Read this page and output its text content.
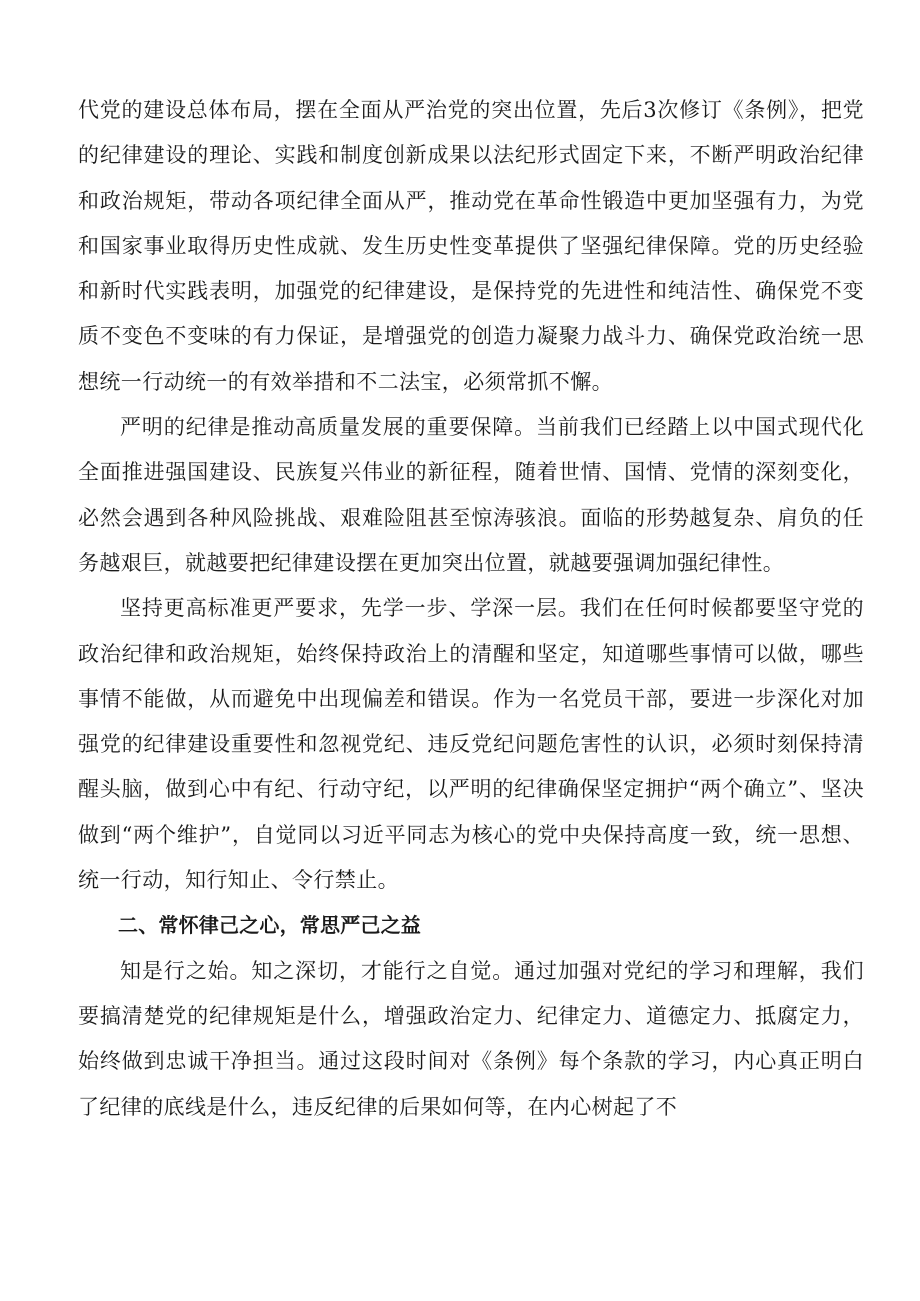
代党的建设总体布局，摆在全面从严治党的突出位置，先后3次修订《条例》，把党的纪律建设的理论、实践和制度创新成果以法纪形式固定下来，不断严明政治纪律和政治规矩，带动各项纪律全面从严，推动党在革命性锻造中更加坚强有力，为党和国家事业取得历史性成就、发生历史性变革提供了坚强纪律保障。党的历史经验和新时代实践表明，加强党的纪律建设，是保持党的先进性和纯洁性、确保党不变质不变色不变味的有力保证，是增强党的创造力凝聚力战斗力、确保党政治统一思想统一行动统一的有效举措和不二法宝，必须常抓不懈。

严明的纪律是推动高质量发展的重要保障。当前我们已经踏上以中国式现代化全面推进强国建设、民族复兴伟业的新征程，随着世情、国情、党情的深刻变化，必然会遇到各种风险挑战、艰难险阻甚至惊涛骇浪。面临的形势越复杂、肩负的任务越艰巨，就越要把纪律建设摆在更加突出位置，就越要强调加强纪律性。

坚持更高标准更严要求，先学一步、学深一层。我们在任何时候都要坚守党的政治纪律和政治规矩，始终保持政治上的清醒和坚定，知道哪些事情可以做，哪些事情不能做，从而避免中出现偏差和错误。作为一名党员干部，要进一步深化对加强党的纪律建设重要性和忽视党纪、违反党纪问题危害性的认识，必须时刻保持清醒头脑，做到心中有纪、行动守纪，以严明的纪律确保坚定拥护“两个确立”、坚决做到“两个维护”，自觉同以习近平同志为核心的党中央保持高度一致，统一思想、统一行动，知行知止、令行禁止。

二、常怀律己之心，常思严己之益

知是行之始。知之深切，才能行之自觉。通过加强对党纪的学习和理解，我们要搞清楚党的纪律规矩是什么，增强政治定力、纪律定力、道德定力、抵腐定力，始终做到忠诚干净担当。通过这段时间对《条例》每个条款的学习，内心真正明白了纪律的底线是什么，违反纪律的后果如何等，在内心树起了不
